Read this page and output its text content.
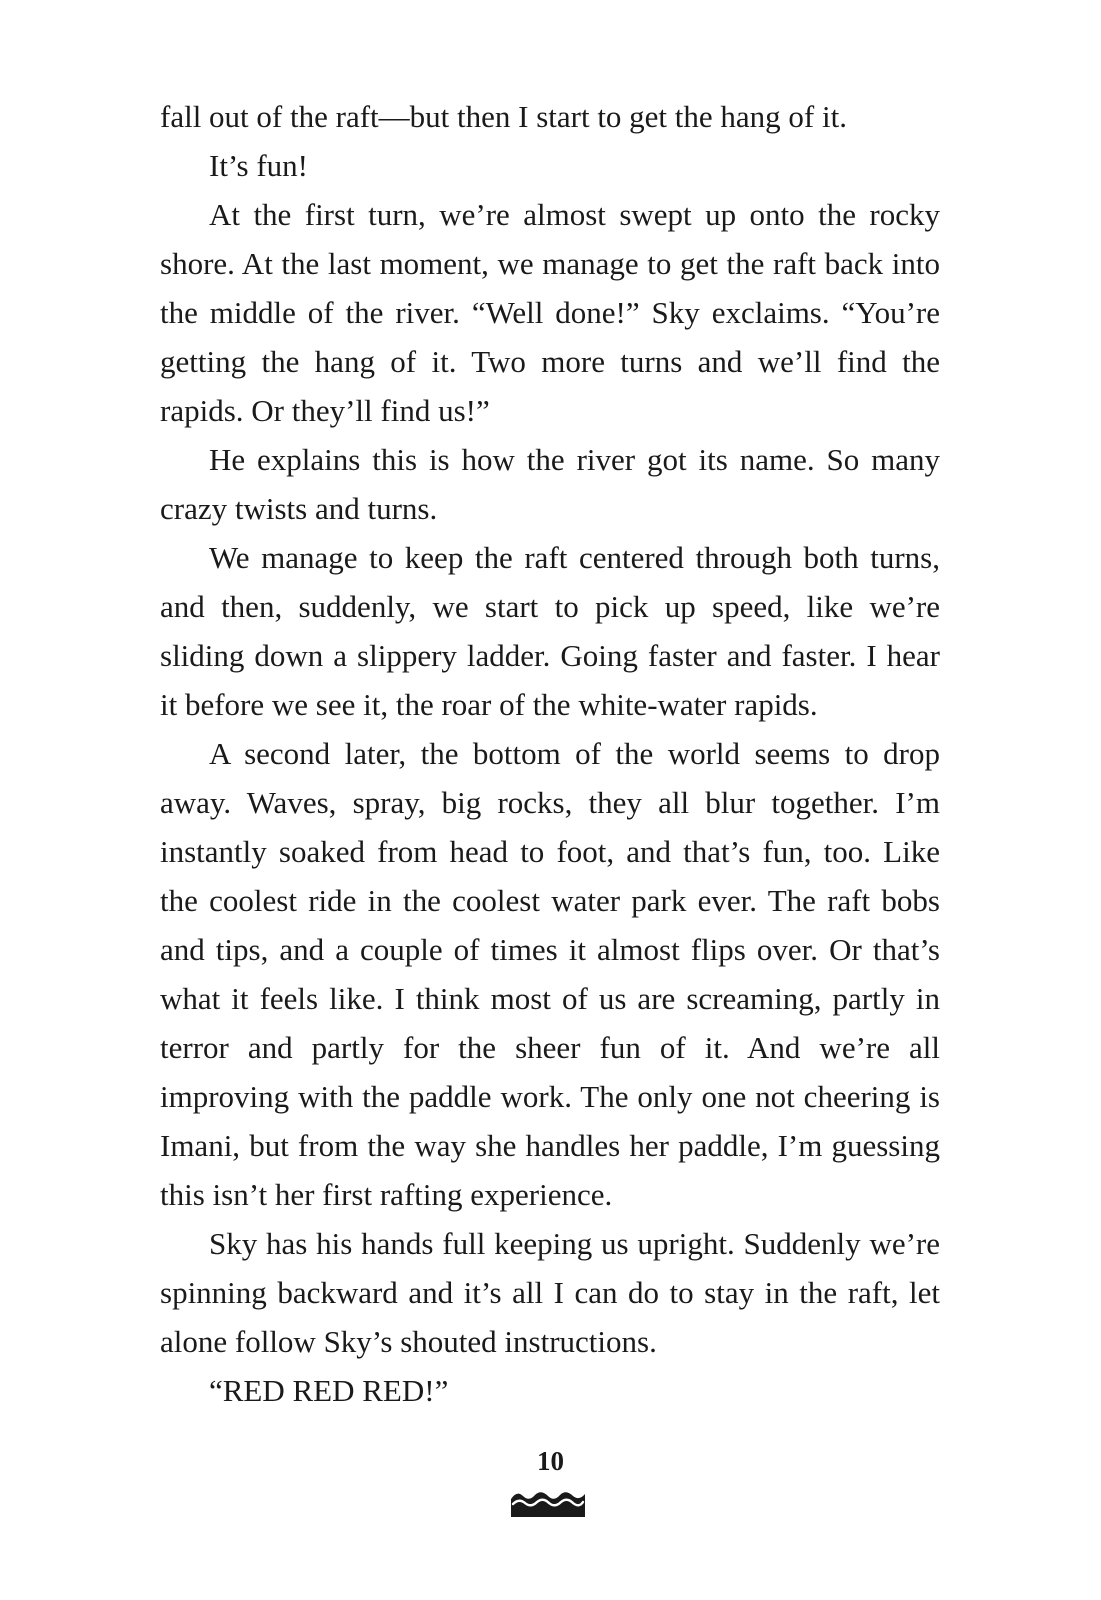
fall out of the raft—but then I start to get the hang of it.

It’s fun!

At the first turn, we’re almost swept up onto the rocky shore. At the last moment, we manage to get the raft back into the middle of the river. “Well done!” Sky exclaims. “You’re getting the hang of it. Two more turns and we’ll find the rapids. Or they’ll find us!”

He explains this is how the river got its name. So many crazy twists and turns.

We manage to keep the raft centered through both turns, and then, suddenly, we start to pick up speed, like we’re sliding down a slippery ladder. Going faster and faster. I hear it before we see it, the roar of the white-water rapids.

A second later, the bottom of the world seems to drop away. Waves, spray, big rocks, they all blur together. I’m instantly soaked from head to foot, and that’s fun, too. Like the coolest ride in the coolest water park ever. The raft bobs and tips, and a couple of times it almost flips over. Or that’s what it feels like. I think most of us are screaming, partly in terror and partly for the sheer fun of it. And we’re all improving with the paddle work. The only one not cheering is Imani, but from the way she handles her paddle, I’m guessing this isn’t her first rafting experience.

Sky has his hands full keeping us upright. Suddenly we’re spinning backward and it’s all I can do to stay in the raft, let alone follow Sky’s shouted instructions.

“RED RED RED!”

10
